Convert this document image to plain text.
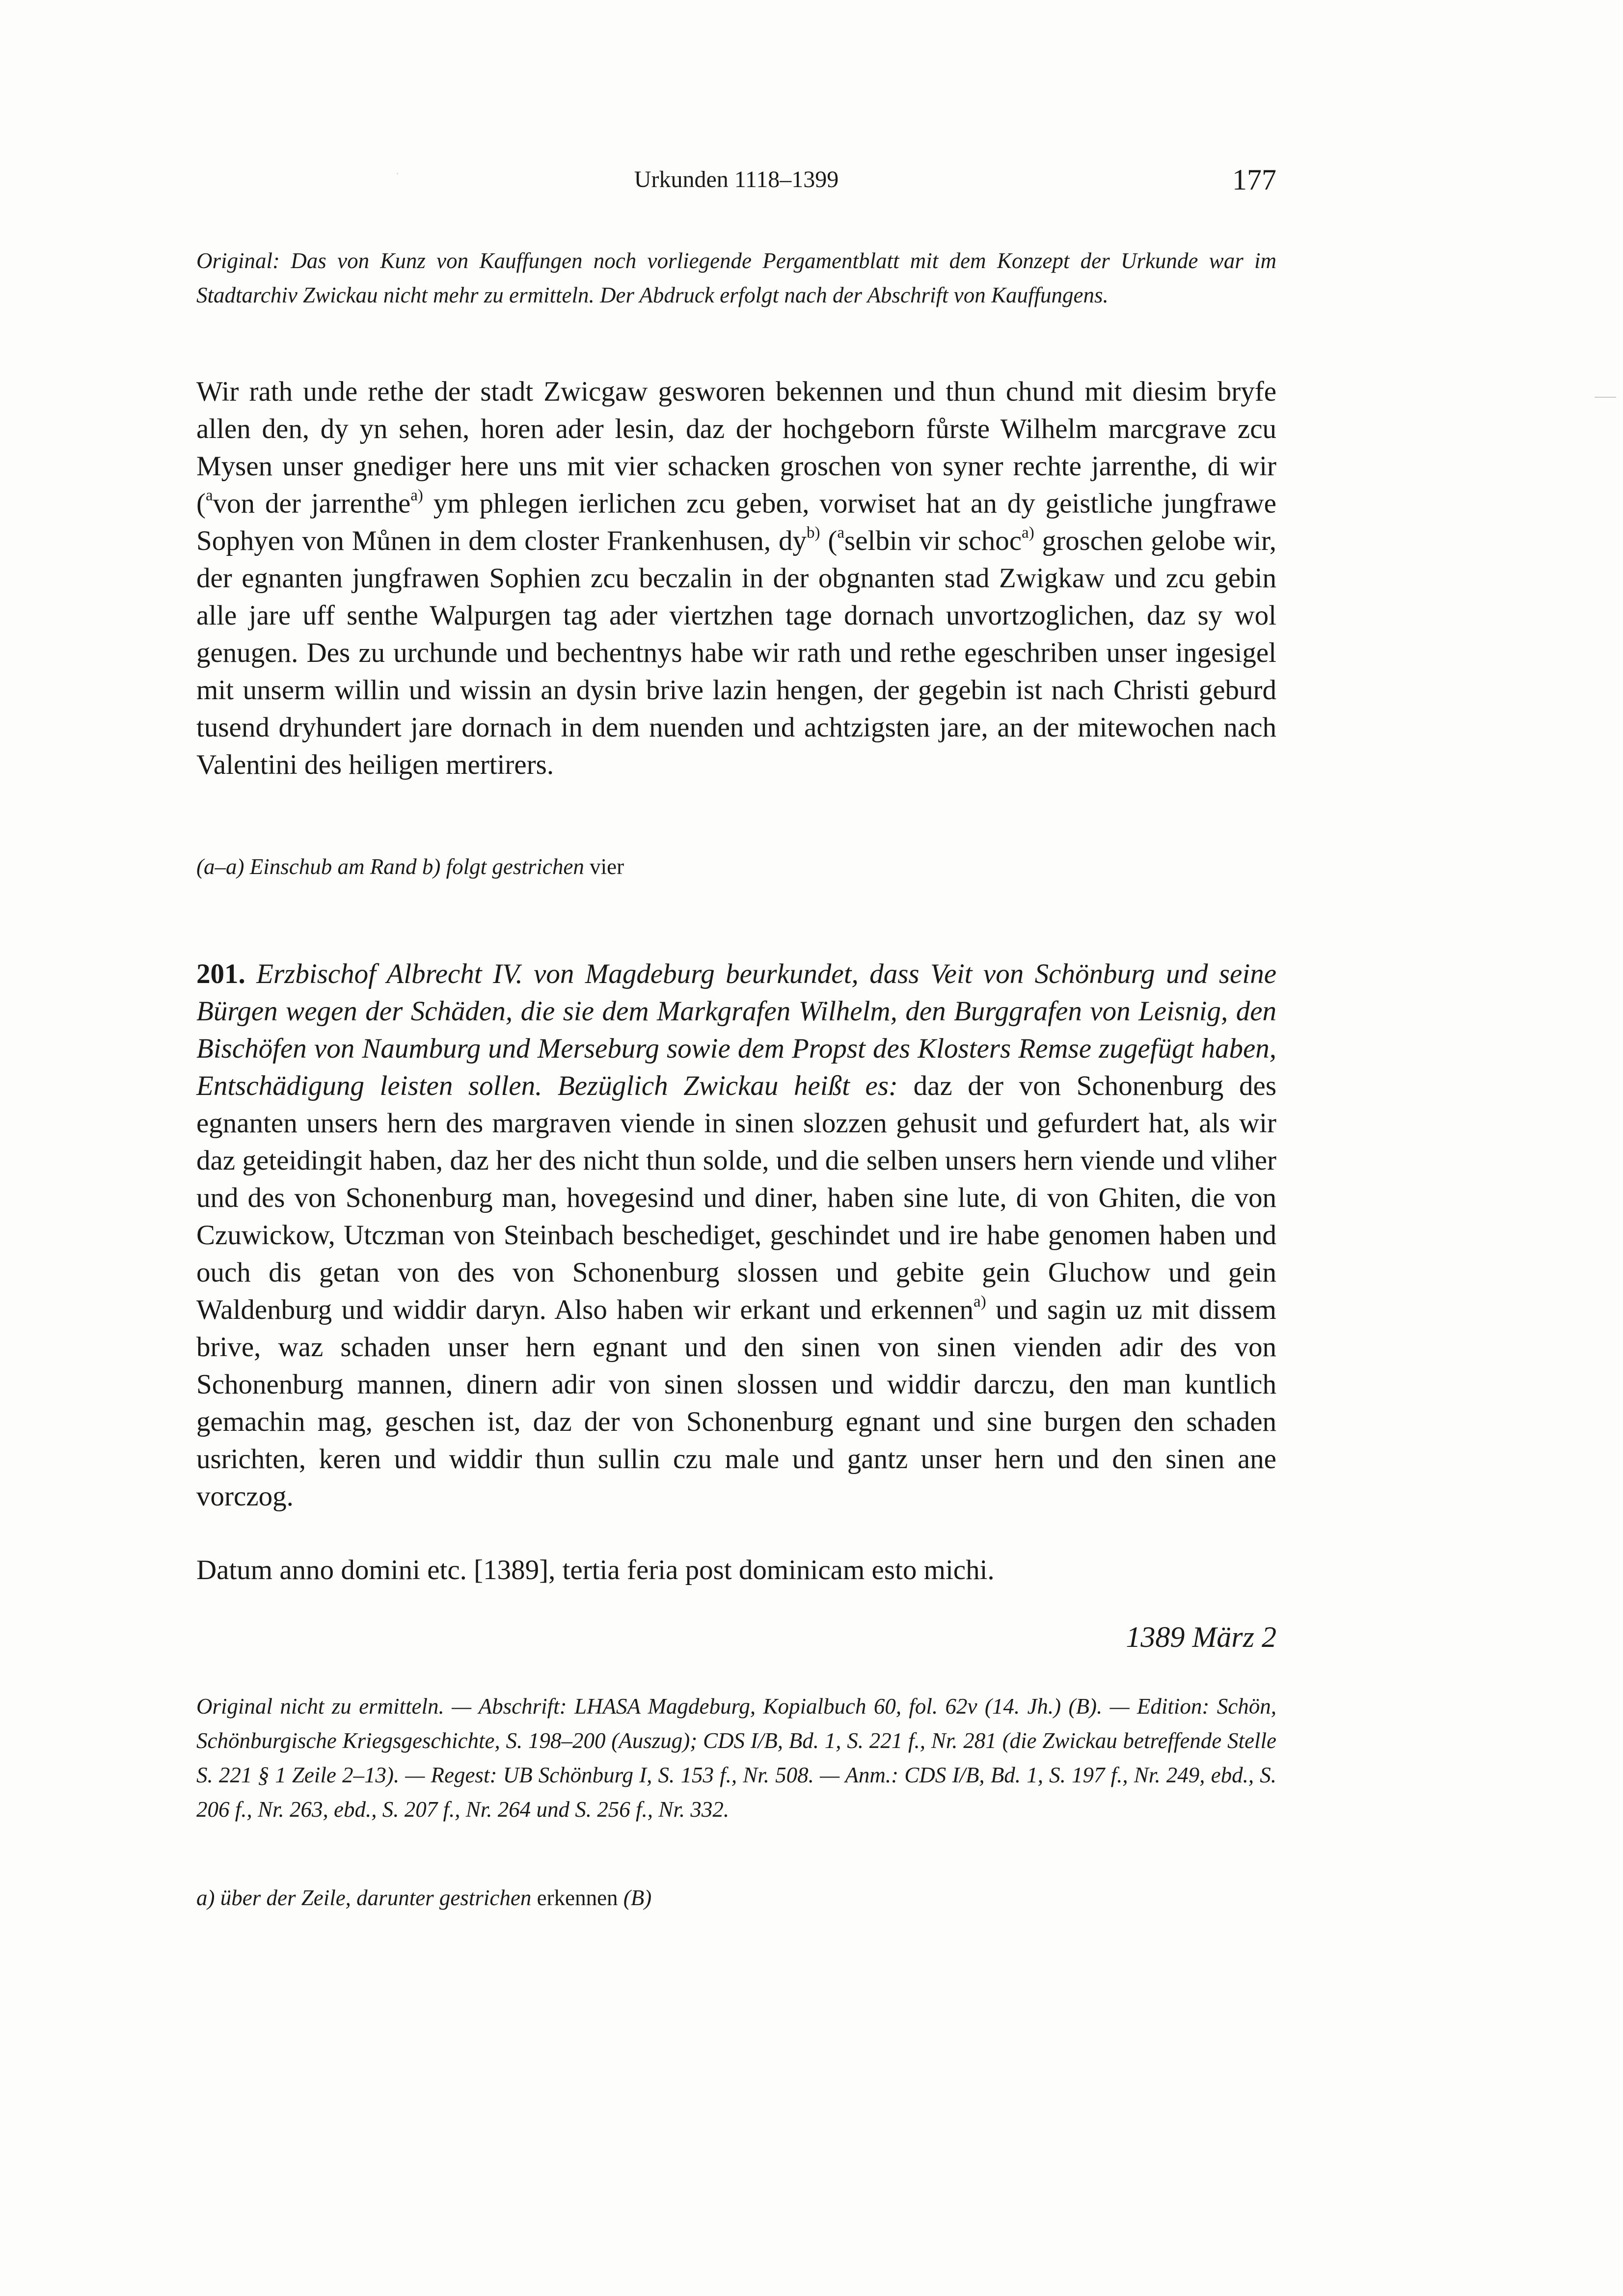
Urkunden 1118–1399	177

Original: Das von Kunz von Kauffungen noch vorliegende Pergamentblatt mit dem Konzept der Urkunde war im Stadtarchiv Zwickau nicht mehr zu ermitteln. Der Abdruck erfolgt nach der Abschrift von Kauffungens.

Wir rath unde rethe der stadt Zwicgaw gesworen bekennen und thun chund mit diesim bryfe allen den, dy yn sehen, horen ader lesin, daz der hochgeborn fůrste Wilhelm marcgrave zcu Mysen unser gnediger here uns mit vier schacken groschen von syner rechte jarrenthe, di wir ($^a$von der jarrenthe$^{a)}$ ym phlegen ierlichen zcu geben, vorwiset hat an dy geistliche jungfrawe Sophyen von Můnen in dem closter Frankenhusen, $dy^{b)}$ ($^a$selbin vir schoc$^{a)}$ groschen gelobe wir, der egnanten jungfrawen Sophien zcu beczalin in der obgnanten stad Zwigkaw und zcu gebin alle jare uff senthe Walpurgen tag ader viertzhen tage dornach unvortzoglichen, daz sy wol genugen. Des zu urchunde und bechentnys habe wir rath und rethe egeschriben unser ingesigel mit unserm willin und wissin an dysin brive lazin hengen, der gegebin ist nach Christi geburd tusend dryhundert jare dornach in dem nuenden und achtzigsten jare, an der mitewochen nach Valentini des heiligen mertirers.

(a–a) Einschub am Rand b) folgt gestrichen vier

201. Erzbischof Albrecht IV. von Magdeburg beurkundet, dass Veit von Schönburg und seine Bürgen wegen der Schäden, die sie dem Markgrafen Wilhelm, den Burggrafen von Leisnig, den Bischöfen von Naumburg und Merseburg sowie dem Propst des Klosters Remse zugefügt haben, Entschädigung leisten sollen. Bezüglich Zwickau heißt es: daz der von Schonenburg des egnanten unsers hern des margraven viende in sinen slozzen gehusit und gefurdert hat, als wir daz geteidingit haben, daz her des nicht thun solde, und die selben unsers hern viende und vliher und des von Schonenburg man, hovegesind und diner, haben sine lute, di von Ghiten, die von Czuwickow, Utczman von Steinbach beschediget, geschindet und ire habe genomen haben und ouch dis getan von des von Schonenburg slossen und gebite gein Gluchow und gein Waldenburg und widdir daryn. Also haben wir erkant und erkennen$^{a)}$ und sagin uz mit dissem brive, waz schaden unser hern egnant und den sinen von sinen vienden adir des von Schonenburg mannen, dinern adir von sinen slossen und widdir darczu, den man kuntlich gemachin mag, geschen ist, daz der von Schonenburg egnant und sine burgen den schaden usrichten, keren und widdir thun sullin czu male und gantz unser hern und den sinen ane vorczog.

Datum anno domini etc. [1389], tertia feria post dominicam esto michi.

1389 März 2

Original nicht zu ermitteln. — Abschrift: LHASA Magdeburg, Kopialbuch 60, fol. 62v (14. Jh.) (B). — Edition: Schön, Schönburgische Kriegsgeschichte, S. 198–200 (Auszug); CDS I/B, Bd. 1, S. 221 f., Nr. 281 (die Zwickau betreffende Stelle S. 221 § 1 Zeile 2–13). — Regest: UB Schönburg I, S. 153 f., Nr. 508. — Anm.: CDS I/B, Bd. 1, S. 197 f., Nr. 249, ebd., S. 206 f., Nr. 263, ebd., S. 207 f., Nr. 264 und S. 256 f., Nr. 332.

a) über der Zeile, darunter gestrichen erkennen (B)
